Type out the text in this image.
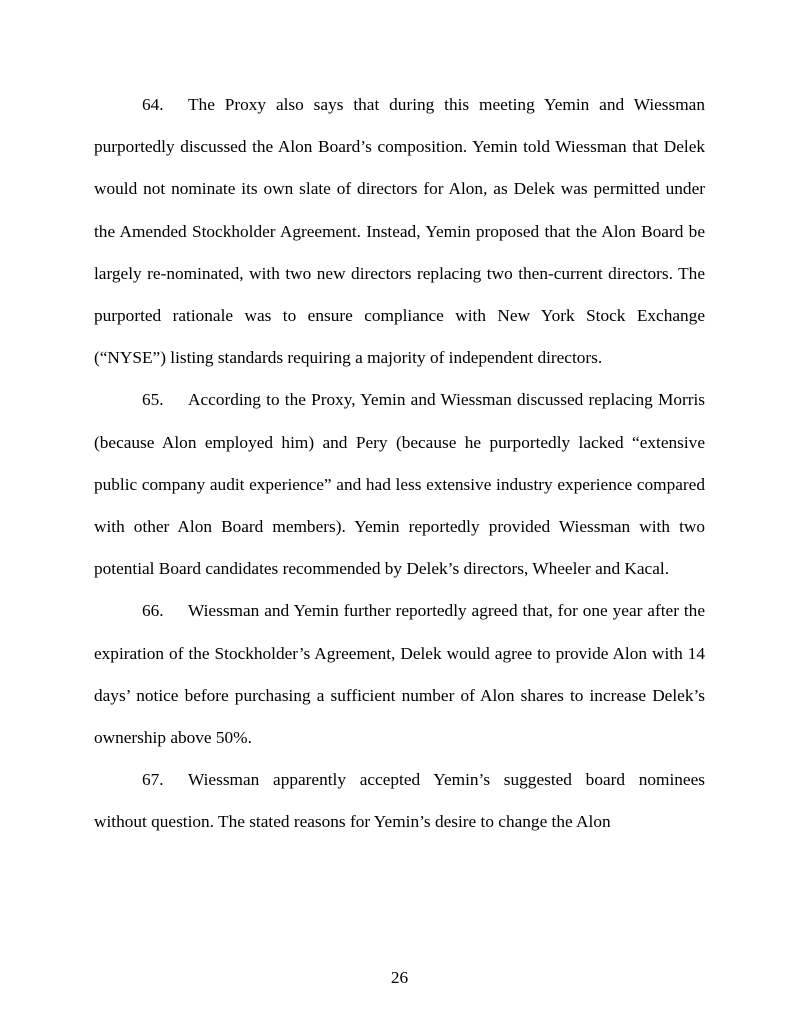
64. The Proxy also says that during this meeting Yemin and Wiessman purportedly discussed the Alon Board’s composition. Yemin told Wiessman that Delek would not nominate its own slate of directors for Alon, as Delek was permitted under the Amended Stockholder Agreement. Instead, Yemin proposed that the Alon Board be largely re-nominated, with two new directors replacing two then-current directors. The purported rationale was to ensure compliance with New York Stock Exchange (“NYSE”) listing standards requiring a majority of independent directors.

65. According to the Proxy, Yemin and Wiessman discussed replacing Morris (because Alon employed him) and Pery (because he purportedly lacked “extensive public company audit experience” and had less extensive industry experience compared with other Alon Board members). Yemin reportedly provided Wiessman with two potential Board candidates recommended by Delek’s directors, Wheeler and Kacal.

66. Wiessman and Yemin further reportedly agreed that, for one year after the expiration of the Stockholder’s Agreement, Delek would agree to provide Alon with 14 days’ notice before purchasing a sufficient number of Alon shares to increase Delek’s ownership above 50%.

67. Wiessman apparently accepted Yemin’s suggested board nominees without question. The stated reasons for Yemin’s desire to change the Alon

26
